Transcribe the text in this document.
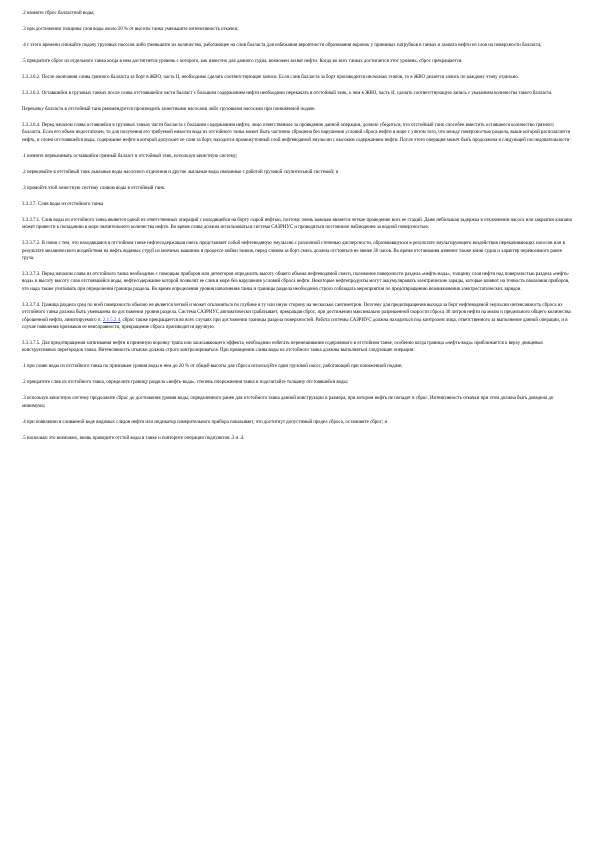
.2 начните сброс балластной воды;

.3 при достижении толщины слоя воды около 20 % от высоты танка уменьшите интенсивность откачки;

.4 с этого времени снижайте подачу грузовых насосов либо уменьшите их количество, работающее на слив балласта для избежания вероятности образования воронок у приемных патрубков в танках и захвата нефти из слоя на поверхности балласта;

.5 прекратите сброс из отдельного танка когда в нем достигнется уровень с которого, как известно для данного судна, возможен захват нефти. Когда во всех танках достигается этот уровень, сброс прекращается.

3.3.3.6.2. После окончания слива грязного балласта за борт в ЖВО, часть II, необходимо сделать соответствующие записи. Если слив балласта за борт производится несколько этапов, то в ЖВО делается запись по каждому этапу отдельно.

3.3.3.6.3. Оставшийся в грузовых танках после слива отстоявшейся части балласт с большим содержанием нефти необходимо перекачать в отстойный танк, о чем в ЖВО, часть II, сделать соответствующую запись с указанием количества такого балласта.

Перекачку балласта в отстойный танк рекомендуется производить зачистными насосами либо грузовыми насосами при пониженной подаче.

3.3.3.6.4. Перед началом слива оставшейся в грузовых танках части балласта с большим содержанием нефти, лицо ответственное за проведение данной операции, должно убедиться, что отстойный танк способен вместить оставшееся количество грязного балласта. Если его объем недостаточен, то для получения его требуемой емкости вода из отстойного танка может быть частично сброшена без нарушения условий сброса нефти в море с учетом того, что между поверхностью раздела, выше которой располагается нефть, и слоем отстоявшейся воды, содержание нефти в которой допускает ее слив за борт, находится промежуточный слой нефтеводяной эмульсии с высоким содержанием нефти. После этого операция может быть продолжена в следующей последовательности:

.1 начните перекачивать оставшийся грязный балласт в отстойный танк, используя зачистную систему;

.2 перекачайте в отстойный танк льяльные воды насосного отделения и другие льяльные воды связанные с работой грузовой скупительной системой; и

.3 промойте этой зачистную систему сливом воды в отстойный танк.

3.3.3.7. Слив воды из отстойного танка

3.3.3.7.1. Слив воды из отстойного танка является одной из ответственных операций с находящейся на борту сырой нефтью, поэтому очень важным является четкое проведение всех ее стадий. Даже небольшая задержка в отключении насоса или закрытии клапана может привести к попаданию в море значительного количества нефти. Во время слива должна использоваться система САЗРИУС и проводиться постоянное наблюдение за водной поверхностью.

3.3.3.7.2. В связи с тем, что находящаяся в отстойном танке нефтесодержащая смесь представляет собой нефтеводяную эмульсию с различной степенью дисперсности, образовавшуюся в результате эмульгирующего воздействия перекачивающих насосов или в результате механического воздействия на нефть водяных струй из моечных машинок в процессе мойки танков, перед сливом за борт смесь должна отстояться не менее 36 часов. Во время отстаивания изменит также коню судна и характер перевозимого ранее груза.

3.3.3.7.3. Перед началом слива из отстойного танка необходимо с помощью приборов или детекторов определить высоту общего объема нефтеводяной смеси, положение поверхности раздела «нефть-вода», толщину слоя нефти над поверхностью раздела «нефть-вода» и высоту высоту слоя отстоявшейся воды, нефтесодержание которой позволит ее слив в море без нарушения условий сброса нефти. Некоторые нефтепродукты могут аккумулировать электрические заряды, которые влияют на точность показания приборов, что надо также учитывать при определении границы раздела. Во время определения уровня наполнения танка и границы раздела необходимо строго соблюдать мероприятия по предотвращению возникновения электростатических зарядов.

3.3.3.7.4. Граница раздела сред по всей поверхности обычно не является четкой и может отклоняться по глубине в ту или иную сторону на несколько сантиметров. Поэтому для предотвращения выхода за борт нефтеводяной эмульсии интенсивность сброса из отстойного танка должна быть уменьшена по достижении уровня раздела. Система САЗРИУС автоматически срабатывает, прекращая сброс, при достижении максимально разрешенной скорости сброса 30 литров нефти на милю и предельного общего количества сброшенной нефти, лимитируемого п. 2.1.5.2.4, сброс также прекращается во всех случаях при достижении границы раздела поверхностей. Работа системы САЗРИУС должна находиться под контролем лица, ответственного за выполнение данной операции, и в случае появления признаков ее неисправности, прекращение сброса производится вручную.

3.3.3.7.5. Для предотвращения затягивания нефти в приемную воронку трапа или засасывающего эффекта, необходимо избегать перемешивания содержимого в отстойном танке, особенно когда граница «нефть-вода» приближается к верху днищевых конструктивных перегородок танка. Интенсивность откачки должна строго контролироваться. При проведении слива воды из отстойного танка должны выполняться следующие операции:

.1 при сливе воды из отстойного танка по признакам уровня воды в нем до 20 % от общей высоты для сброса используйте один грузовой насос, работающий при пониженной подаче;

.2 прекратите слив из отстойного танка, определите границу раздела «нефть-вода», степень опорожнения танка и подсчитайте толщину отстоявшейся воды;

.3 используя зачистную систему продолжите сброс до достижения уровня воды, определенного ранее для отстойного танка данной конструкции и размера, при котором нефть не попадет в сброс. Интенсивность откачки при этом должна быть доведена до минимума;

.4 при появлении в сливаемой воде видимых следов нефти или индикатор измерительного прибора показывает, что достигнут допустимый предел сброса, остановите сброс; и

.5 насколько это возможно, вновь проведите отстой воды в танке и повторите операции подпунктов .3 и .4.
